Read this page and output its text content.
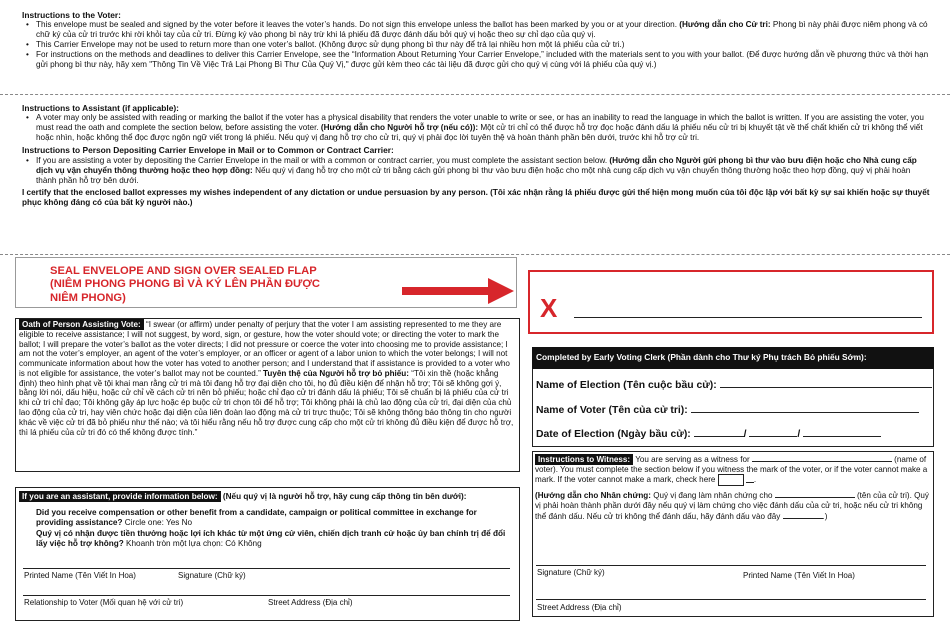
Instructions to the Voter:
• This envelope must be sealed and signed by the voter before it leaves the voter’s hands. Do not sign this envelope unless the ballot has been marked by you or at your direction. (Hướng dẫn cho Cử tri: Phong bì này phải được niêm phong và có chữ ký của cử tri trước khi rời khỏi tay của cử tri. Đừng ký vào phong bì này trừ khi lá phiếu đã được đánh dấu bởi quý vị hoặc theo sự chỉ dạo của quý vị.
• This Carrier Envelope may not be used to return more than one voter’s ballot. (Không được sử dụng phong bì thư này để trả lại nhiều hơn một lá phiếu của cử tri.)
• For instructions on the methods and deadlines to deliver this Carrier Envelope, see the “Information About Returning Your Carrier Envelope,” included with the materials sent to you with your ballot. (Để được hướng dẫn về phương thức và thời hạn gửi phong bì thư này, hãy xem "Thông Tin Về Việc Trả Lại Phong Bì Thư Của Quý Vị," được gửi kèm theo các tài liệu đã được gửi cho quý vị cùng với lá phiếu của quý vị.)
Instructions to Assistant (if applicable):
• A voter may only be assisted with reading or marking the ballot if the voter has a physical disability that renders the voter unable to write or see, or has an inability to read the language in which the ballot is written. If you are assisting the voter, you must read the oath and complete the section below, before assisting the voter. (Hướng dẫn cho Người hỗ trợ (nếu có)): Một cử tri chỉ có thể được hỗ trợ đọc hoặc đánh dấu lá phiếu nếu cử tri bị khuyết tật về thể chất khiến cử tri không thể viết hoặc nhìn, hoặc không thể đọc được ngôn ngữ viết trong lá phiếu. Nếu quý vị đang hỗ trợ cho cử tri, quý vị phải đọc lời tuyên thệ và hoàn thành phần bên dưới, trước khi hỗ trợ cử tri.
Instructions to Person Depositing Carrier Envelope in Mail or to Common or Contract Carrier:
• If you are assisting a voter by depositing the Carrier Envelope in the mail or with a common or contract carrier, you must complete the assistant section below. (Hướng dẫn cho Người gửi phong bì thư vào bưu điện hoặc cho Nhà cung cấp dịch vụ vận chuyển thông thường hoặc theo hợp đồng: Nếu quý vị đang hỗ trợ cho một cử tri bằng cách gửi phong bì thư vào bưu điện hoặc cho một nhà cung cấp dịch vụ vận chuyển thông thường hoặc theo hợp đồng, quý vị phải hoàn thành phần hỗ trợ bên dưới.
I certify that the enclosed ballot expresses my wishes independent of any dictation or undue persuasion by any person. (Tôi xác nhận rằng lá phiếu được gửi thể hiện mong muốn của tôi độc lập với bất kỳ sự sai khiến hoặc sự thuyết phục không đáng có của bất kỳ người nào.)
SEAL ENVELOPE AND SIGN OVER SEALED FLAP
(NIÊM PHONG PHONG BÌ VÀ KÝ LÊN PHẦN ĐƯỢC
NIÊM PHONG)	X
Oath of Person Assisting Vote: “I swear (or affirm) under penalty of perjury that the voter I am assisting represented to me they are eligible to receive assistance; I will not suggest, by word, sign, or gesture, how the voter should vote; or directing the voter to mark the ballot; I will prepare the voter’s ballot as the voter directs; I did not pressure or coerce the voter into choosing me to provide assistance; I am not the voter’s employer, an agent of the voter’s employer, or an officer or agent of a labor union to which the voter belongs; I will not communicate information about how the voter has voted to another person; and I understand that if assistance is provided to a voter who is not eligible for assistance, the voter’s ballot may not be counted.” Tuyên thệ của Người hỗ trợ bỏ phiếu: “Tôi xin thề (hoặc khẳng định) theo hình phạt về tội khai man rằng cử tri mà tôi đang hỗ trợ đại diện cho tôi, họ đủ điều kiện để nhận hỗ trợ; Tôi sẽ không gợi ý, bằng lời nói, dấu hiệu, hoặc cử chỉ về cách cử tri nên bỏ phiếu; hoặc chỉ đạo cử tri đánh dấu lá phiếu; Tôi sẽ chuẩn bị lá phiếu của cử tri khi cử tri chỉ đạo; Tôi không gây áp lực hoặc ép buộc cử tri chọn tôi để hỗ trợ; Tôi không phải là chủ lao động của cử tri, đại diện của chủ lao động của cử tri, hay viên chức hoặc đại diện của liên đoàn lao động mà cử tri trực thuộc; Tôi sẽ không thông báo thông tin cho người khác về việc cử tri đã bỏ phiếu như thế nào; và tôi hiểu rằng nếu hỗ trợ được cung cấp cho một cử tri không đủ điều kiện để được hỗ trợ, thì lá phiếu của cử tri đó có thể không được tính.”
If you are an assistant, provide information below: (Nếu quý vị là người hỗ trợ, hãy cung cấp thông tin bên dưới):
Did you receive compensation or other benefit from a candidate, campaign or political committee in exchange for providing assistance? Circle one: Yes No
Quý vị có nhận được tiền thưởng hoặc lợi ích khác từ một ứng cử viên, chiến dịch tranh cử hoặc ủy ban chính trị để đổi lấy việc hỗ trợ không? Khoanh tròn một lựa chọn: Có Không
Printed Name (Tên Viết In Hoa)	Signature (Chữ ký)
Relationship to Voter (Mối quan hệ với cử tri)	Street Address (Địa chỉ)
Completed by Early Voting Clerk (Phần dành cho Thư ký Phụ trách Bỏ phiếu Sớm):
Name of Election (Tên cuộc bầu cử):
Name of Voter (Tên của cử tri):
Date of Election (Ngày bầu cử):	/	/
Instructions to Witness: You are serving as a witness for	(name of voter). You must complete the section below if you witness the mark of the voter, or if the voter cannot make a mark. If the voter cannot make a mark, check here	.
(Hướng dẫn cho Nhân chứng: Quý vị đang làm nhân chứng cho	(tên của cử tri). Quý vị phải hoàn thành phần dưới đây nếu quý vị làm chứng cho việc đánh dấu của cử tri, hoặc nếu cử tri không thể đánh dấu. Nếu cử tri không thể đánh dấu, hãy đánh dấu vào đây	.)
Signature (Chữ ký)	Printed Name (Tên Viết In Hoa)
Street Address (Địa chỉ)
